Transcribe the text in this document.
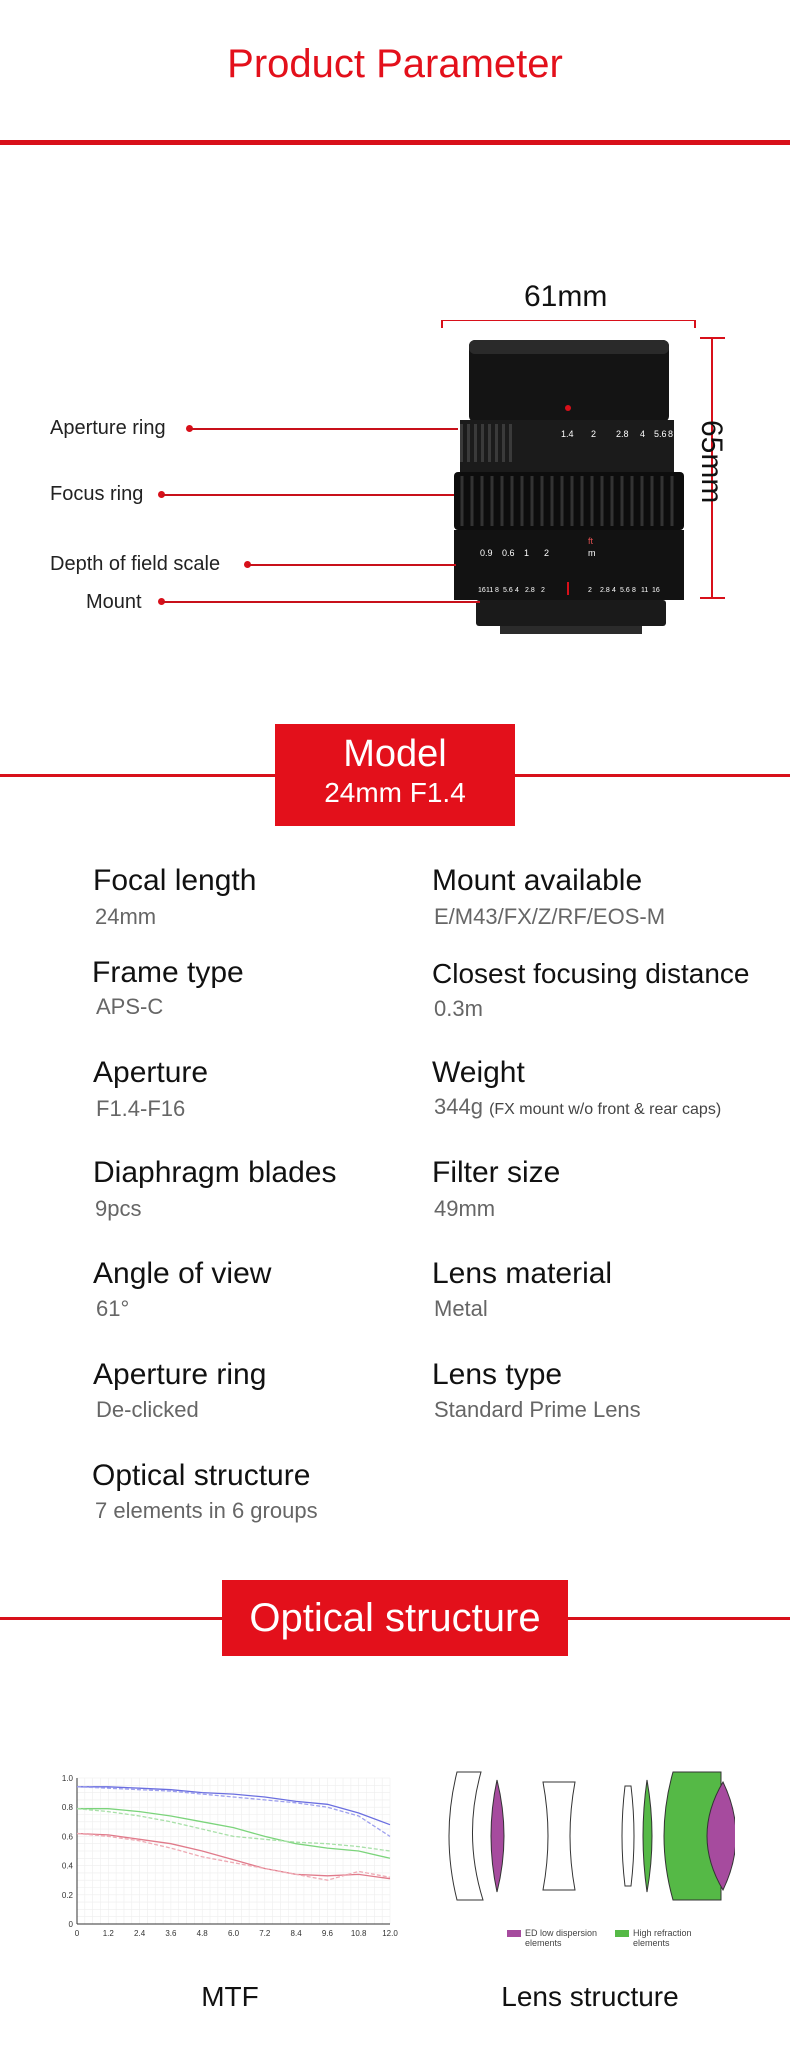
Product Parameter
1.4 2 2.8 4 5.6 8
ft
m
0.9 0.6 1 2
16 11 8 5.6 4 2.8 2	2 2.8 4 5.6 8 11 16
61mm
65mm
Aperture ring
Focus ring
Depth of field scale
Mount
Model
24mm F1.4
Focal length
24mm
Mount available
E/M43/FX/Z/RF/EOS-M
Frame type
APS-C
Closest focusing distance
0.3m
Aperture
F1.4-F16
Weight
344g (FX mount w/o front & rear caps)
Diaphragm blades
9pcs
Filter size
49mm
Angle of view
61°
Lens material
Metal
Aperture ring
De-clicked
Lens type
Standard Prime Lens
Optical structure
7 elements in 6 groups
Optical structure
0	1.2	2.4	3.6	4.8	6.0	7.2	8.4	9.6 10.8 12.0
0
0.2
0.4
0.6
0.8
1.0
MTF
ED low dispersion elements
High refraction elements
Lens structure
